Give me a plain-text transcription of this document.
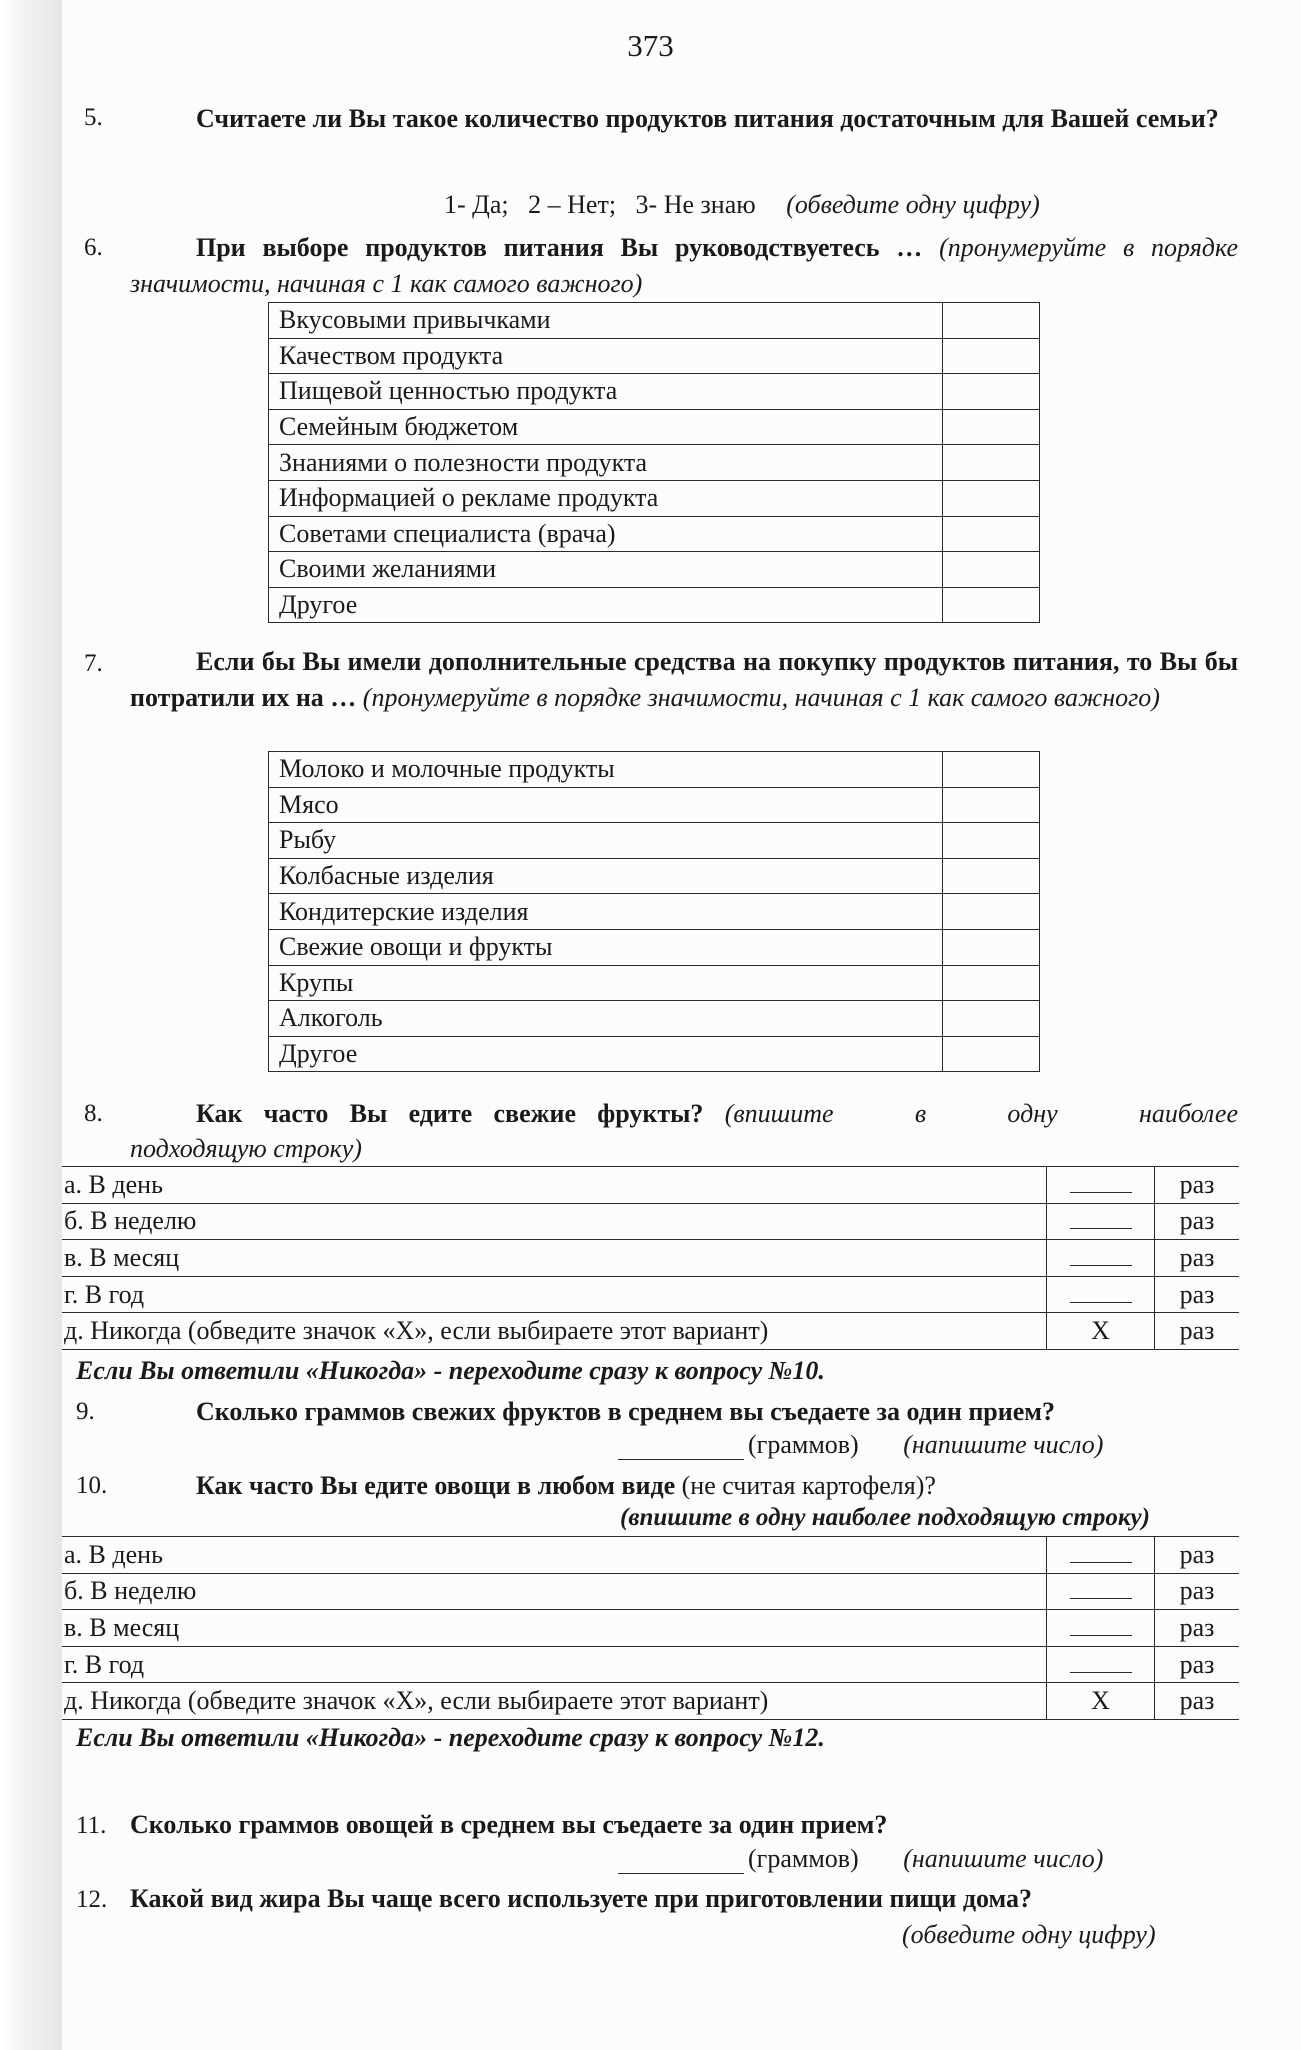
373
5.	Считаете ли Вы такое количество продуктов питания достаточным для Вашей семьи?
1- Да;   2 – Нет;   3- Не знаю (обведите одну цифру)
6.	При выборе продуктов питания Вы руководствуетесь … (пронумеруйте в порядке значимости, начиная с 1 как самого важного)
Вкусовыми привычками	
Качеством продукта	
Пищевой ценностью продукта	
Семейным бюджетом	
Знаниями о полезности продукта	
Информацией о рекламе продукта	
Советами специалиста (врача)	
Своими желаниями	
Другое	
7.	Если бы Вы имели дополнительные средства на покупку продуктов питания, то Вы бы потратили их на … (пронумеруйте в порядке значимости, начиная с 1 как самого важного)
Молоко и молочные продукты	
Мясо	
Рыбу	
Колбасные изделия	
Кондитерские изделия	
Свежие овощи и фрукты	
Крупы	
Алкоголь	
Другое	
8.	Как часто Вы едите свежие фрукты? (впишите в одну наиболее
подходящую строку)
а. В день		раз
б. В неделю		раз
в. В месяц		раз
г. В год		раз
д. Никогда (обведите значок «Х», если выбираете этот вариант)	Х	раз
Если Вы ответили «Никогда» - переходите сразу к вопросу №10.
9.	Сколько граммов свежих фруктов в среднем вы съедаете за один прием?
(граммов) (напишите число)
10.	Как часто Вы едите овощи в любом виде (не считая картофеля)?
(впишите в одну наиболее подходящую строку)
а. В день		раз
б. В неделю		раз
в. В месяц		раз
г. В год		раз
д. Никогда (обведите значок «Х», если выбираете этот вариант)	Х	раз
Если Вы ответили «Никогда» - переходите сразу к вопросу №12.
11. Сколько граммов овощей в среднем вы съедаете за один прием?
(граммов) (напишите число)
12. Какой вид жира Вы чаще всего используете при приготовлении пищи дома?
(обведите одну цифру)
